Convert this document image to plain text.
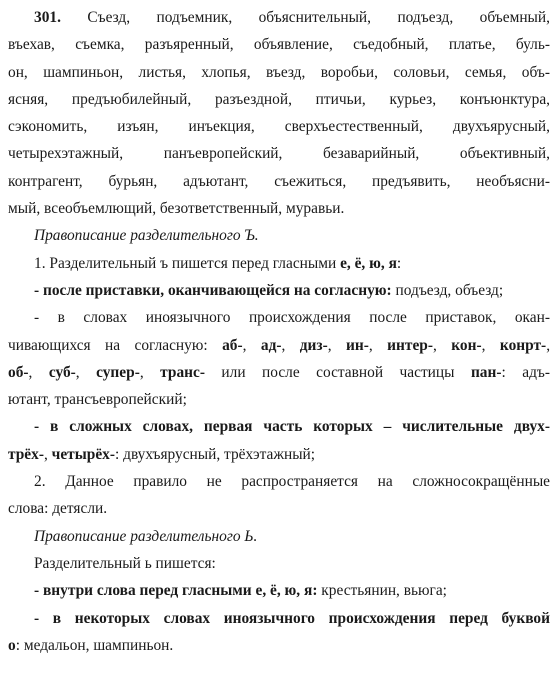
301. Съезд, подъемник, объяснительный, подъезд, объемный,
въехав, съемка, разъяренный, объявление, съедобный, платье, буль-
он, шампиньон, листья, хлопья, въезд, воробьи, соловьи, семья, объ-
ясняя, предъюбилейный, разъездной, птичьи, курьез, конъюнктура,
сэкономить, изъян, инъекция, сверхъестественный, двухъярусный,
четырехэтажный, панъевропейский, безаварийный, объективный,
контрагент, бурьян, адъютант, съежиться, предъявить, необъясни-
мый, всеобъемлющий, безответственный, муравьи.
Правописание разделительного Ъ.
1. Разделительный ъ пишется перед гласными е, ё, ю, я:
- после приставки, оканчивающейся на согласную: подъезд, объезд;
- в словах иноязычного происхождения после приставок, окан-
чивающихся на согласную: аб-, ад-, диз-, ин-, интер-, кон-, конрт-,
об-, суб-, супер-, транс- или после составной частицы пан-: адъ-
ютант, трансъевропейский;
- в сложных словах, первая часть которых – числительные двух-
трёх-, четырёх-: двухъярусный, трёхэтажный;
2. Данное правило не распространяется на сложносокращённые
слова: детясли.
Правописание разделительного Ь.
Разделительный ь пишется:
- внутри слова перед гласными е, ё, ю, я: крестьянин, вьюга;
- в некоторых словах иноязычного происхождения перед буквой
о: медальон, шампиньон.
